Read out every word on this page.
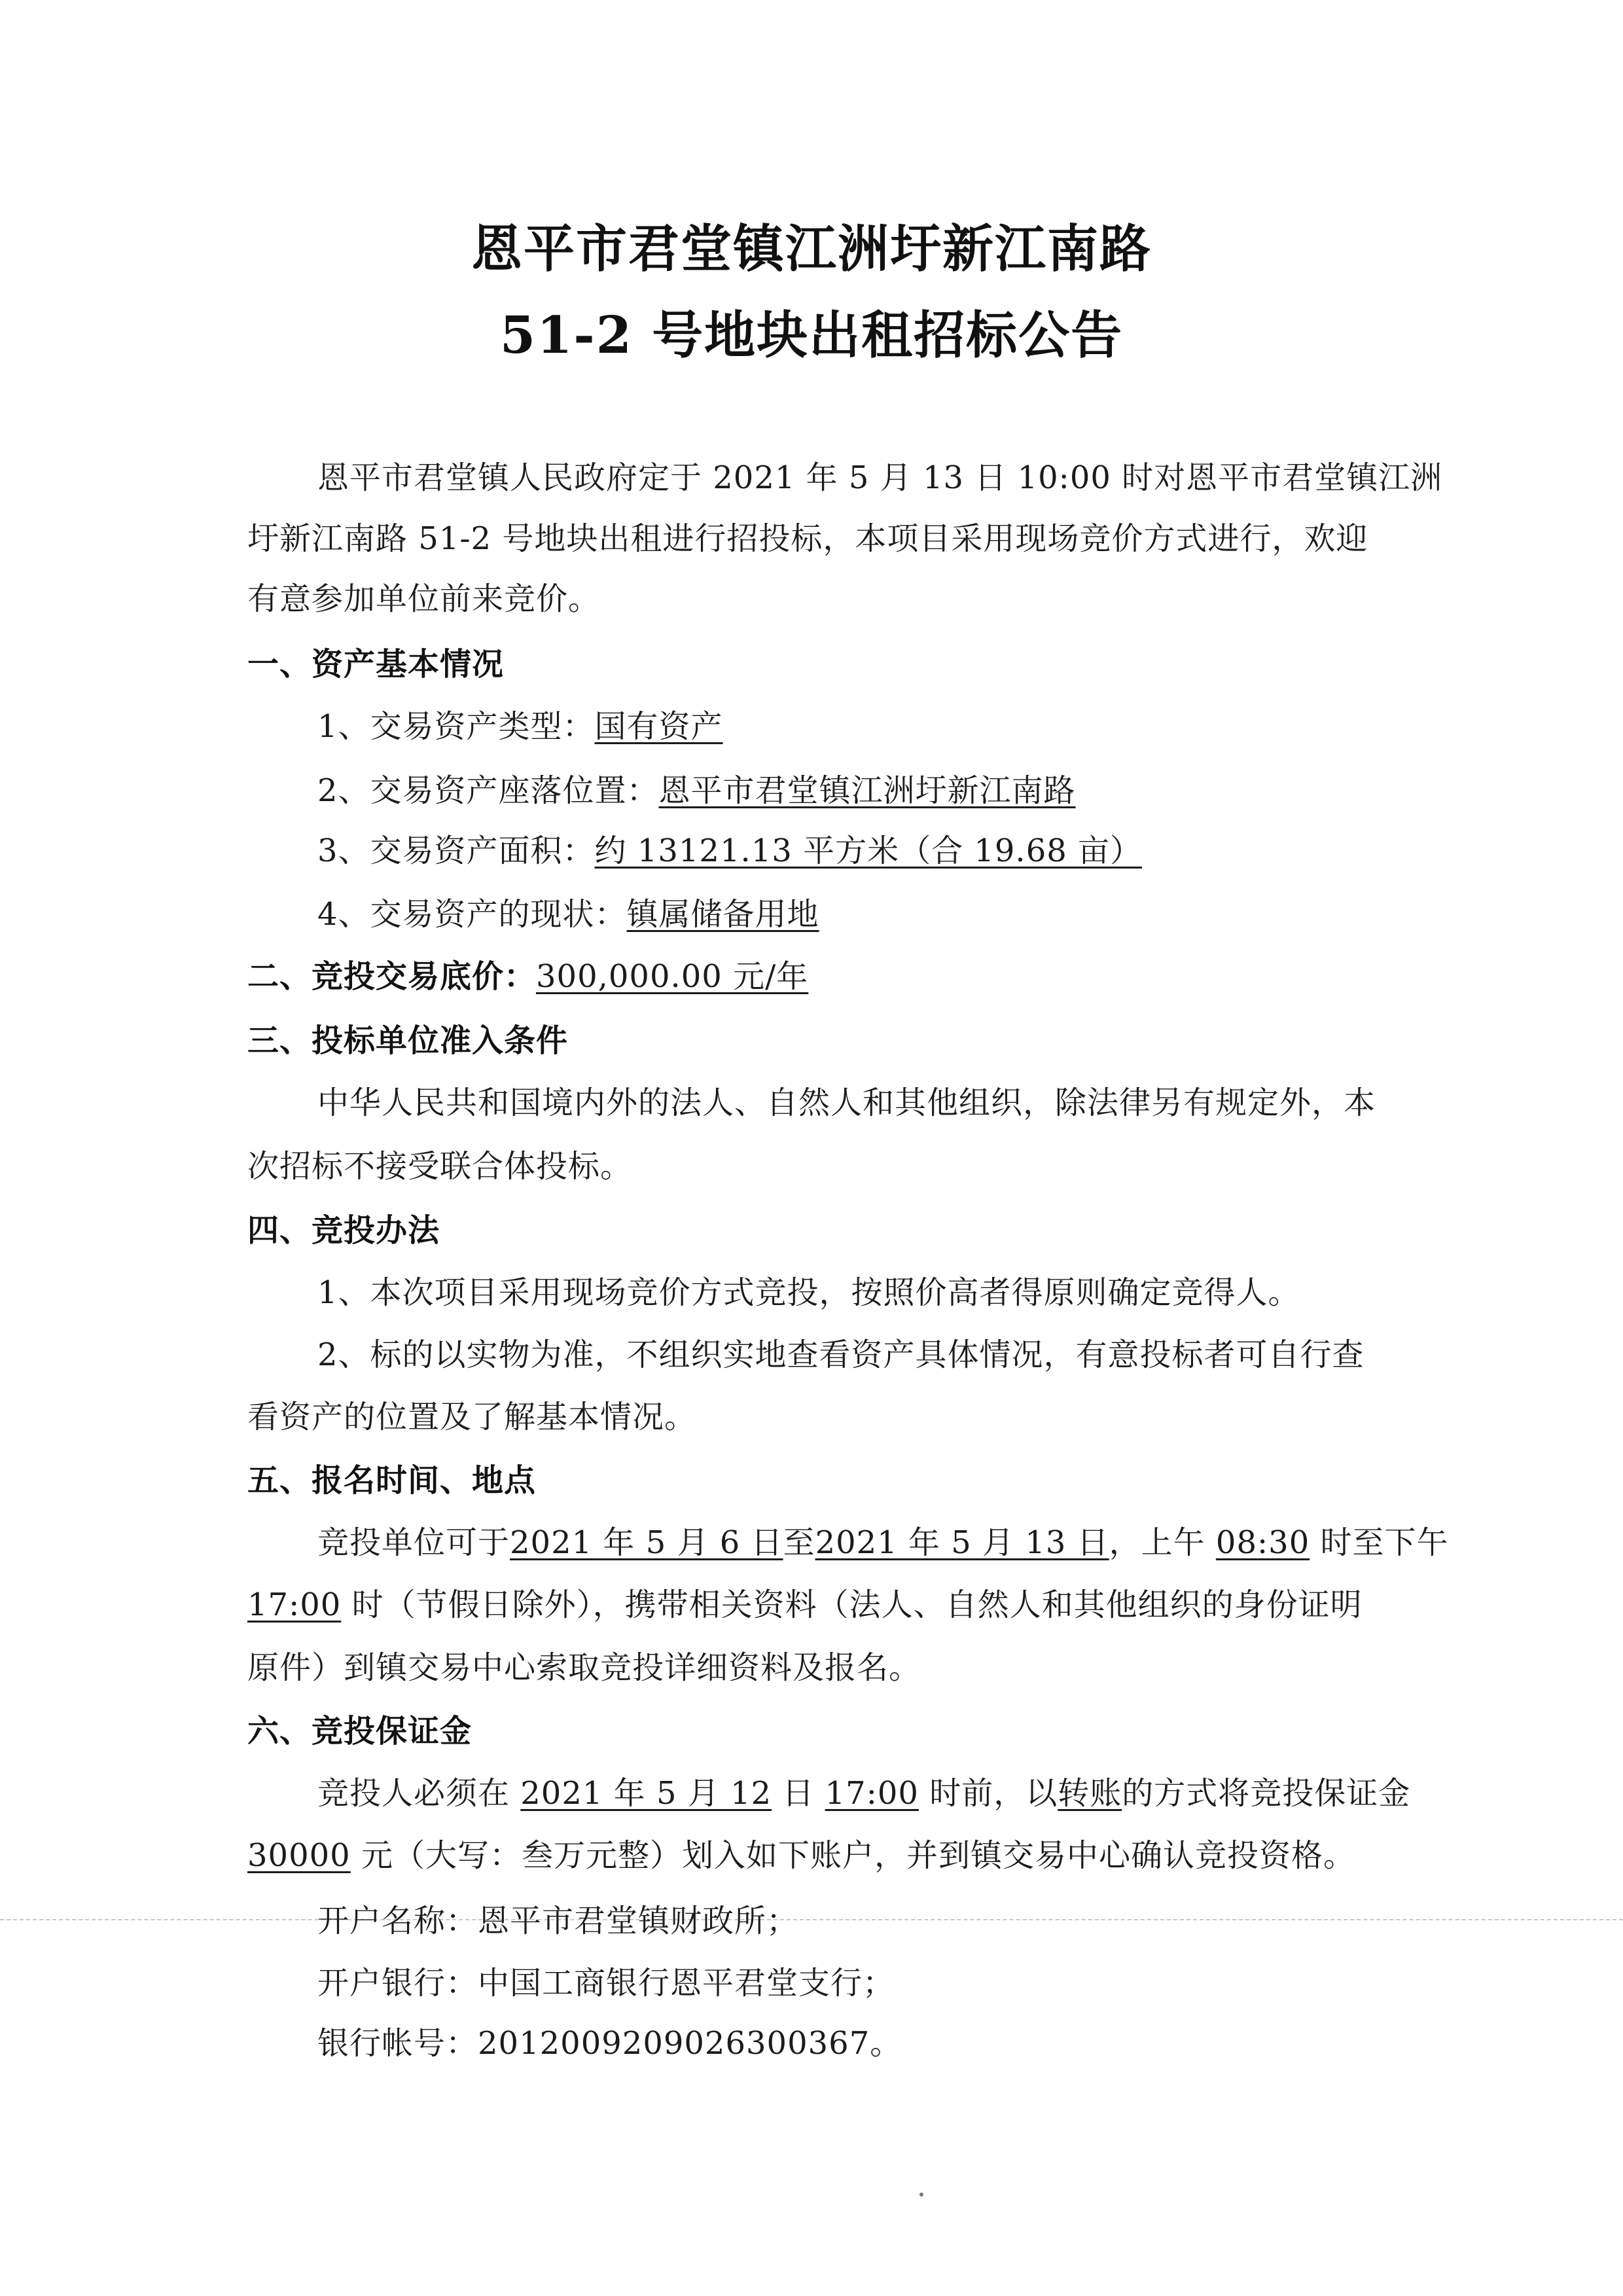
恩平市君堂镇江洲圩新江南路
51-2 号地块出租招标公告
恩平市君堂镇人民政府定于 2021 年 5 月 13 日 10:00 时对恩平市君堂镇江洲
圩新江南路 51-2 号地块出租进行招投标，本项目采用现场竞价方式进行，欢迎
有意参加单位前来竞价。
一、资产基本情况
1、交易资产类型：国有资产
2、交易资产座落位置：恩平市君堂镇江洲圩新江南路
3、交易资产面积：约 13121.13 平方米（合 19.68 亩）
4、交易资产的现状：镇属储备用地
二、竞投交易底价：300,000.00 元/年
三、投标单位准入条件
中华人民共和国境内外的法人、自然人和其他组织，除法律另有规定外，本
次招标不接受联合体投标。
四、竞投办法
1、本次项目采用现场竞价方式竞投，按照价高者得原则确定竞得人。
2、标的以实物为准，不组织实地查看资产具体情况，有意投标者可自行查
看资产的位置及了解基本情况。
五、报名时间、地点
竞投单位可于2021 年 5 月 6 日至2021 年 5 月 13 日，上午 08:30 时至下午
17:00 时（节假日除外），携带相关资料（法人、自然人和其他组织的身份证明
原件）到镇交易中心索取竞投详细资料及报名。
六、竞投保证金
竞投人必须在 2021 年 5 月 12 日 17:00 时前，以转账的方式将竞投保证金
30000 元（大写：叁万元整）划入如下账户，并到镇交易中心确认竞投资格。
开户名称：恩平市君堂镇财政所；
开户银行：中国工商银行恩平君堂支行；
银行帐号：2012009209026300367。
